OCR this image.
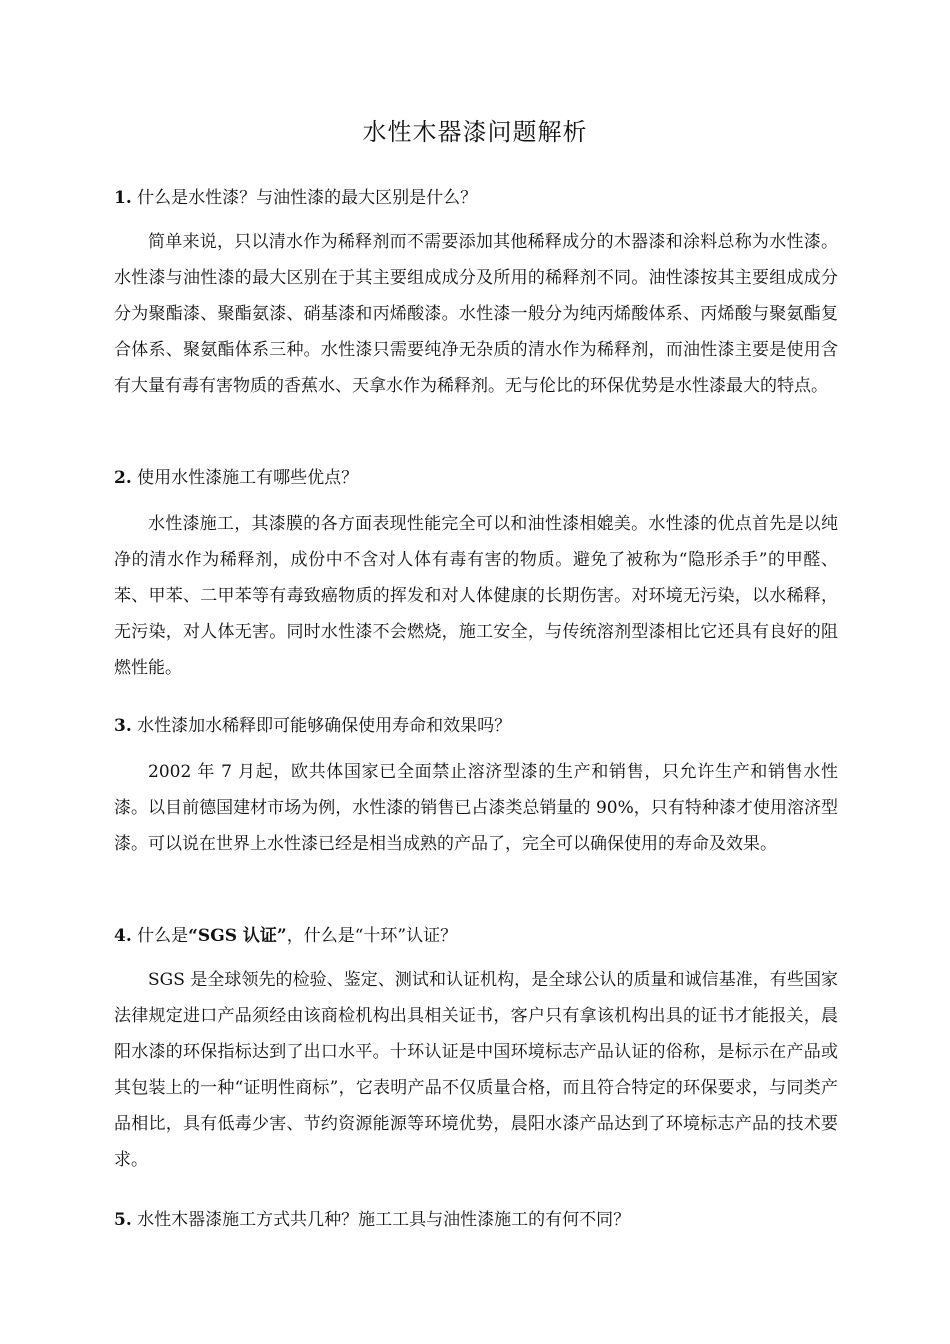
水性木器漆问题解析
1. 什么是水性漆？与油性漆的最大区别是什么？
简单来说，只以清水作为稀释剂而不需要添加其他稀释成分的木器漆和涂料总称为水性漆。水性漆与油性漆的最大区别在于其主要组成成分及所用的稀释剂不同。油性漆按其主要组成成分分为聚酯漆、聚酯氨漆、硝基漆和丙烯酸漆。水性漆一般分为纯丙烯酸体系、丙烯酸与聚氨酯复合体系、聚氨酯体系三种。水性漆只需要纯净无杂质的清水作为稀释剂，而油性漆主要是使用含有大量有毒有害物质的香蕉水、天拿水作为稀释剂。无与伦比的环保优势是水性漆最大的特点。
2. 使用水性漆施工有哪些优点？
水性漆施工，其漆膜的各方面表现性能完全可以和油性漆相媲美。水性漆的优点首先是以纯净的清水作为稀释剂，成份中不含对人体有毒有害的物质。避免了被称为“隐形杀手”的甲醛、苯、甲苯、二甲苯等有毒致癌物质的挥发和对人体健康的长期伤害。对环境无污染，以水稀释，无污染，对人体无害。同时水性漆不会燃烧，施工安全，与传统溶剂型漆相比它还具有良好的阻燃性能。
3. 水性漆加水稀释即可能够确保使用寿命和效果吗？
2002 年 7 月起，欧共体国家已全面禁止溶济型漆的生产和销售，只允许生产和销售水性漆。以目前德国建材市场为例，水性漆的销售已占漆类总销量的 90%，只有特种漆才使用溶济型漆。可以说在世界上水性漆已经是相当成熟的产品了，完全可以确保使用的寿命及效果。
4. 什么是“SGS 认证”，什么是“十环”认证？
SGS 是全球领先的检验、鉴定、测试和认证机构，是全球公认的质量和诚信基准，有些国家法律规定进口产品须经由该商检机构出具相关证书，客户只有拿该机构出具的证书才能报关，晨阳水漆的环保指标达到了出口水平。十环认证是中国环境标志产品认证的俗称，是标示在产品或其包装上的一种“证明性商标”，它表明产品不仅质量合格，而且符合特定的环保要求，与同类产品相比，具有低毒少害、节约资源能源等环境优势，晨阳水漆产品达到了环境标志产品的技术要求。
5. 水性木器漆施工方式共几种？施工工具与油性漆施工的有何不同？
